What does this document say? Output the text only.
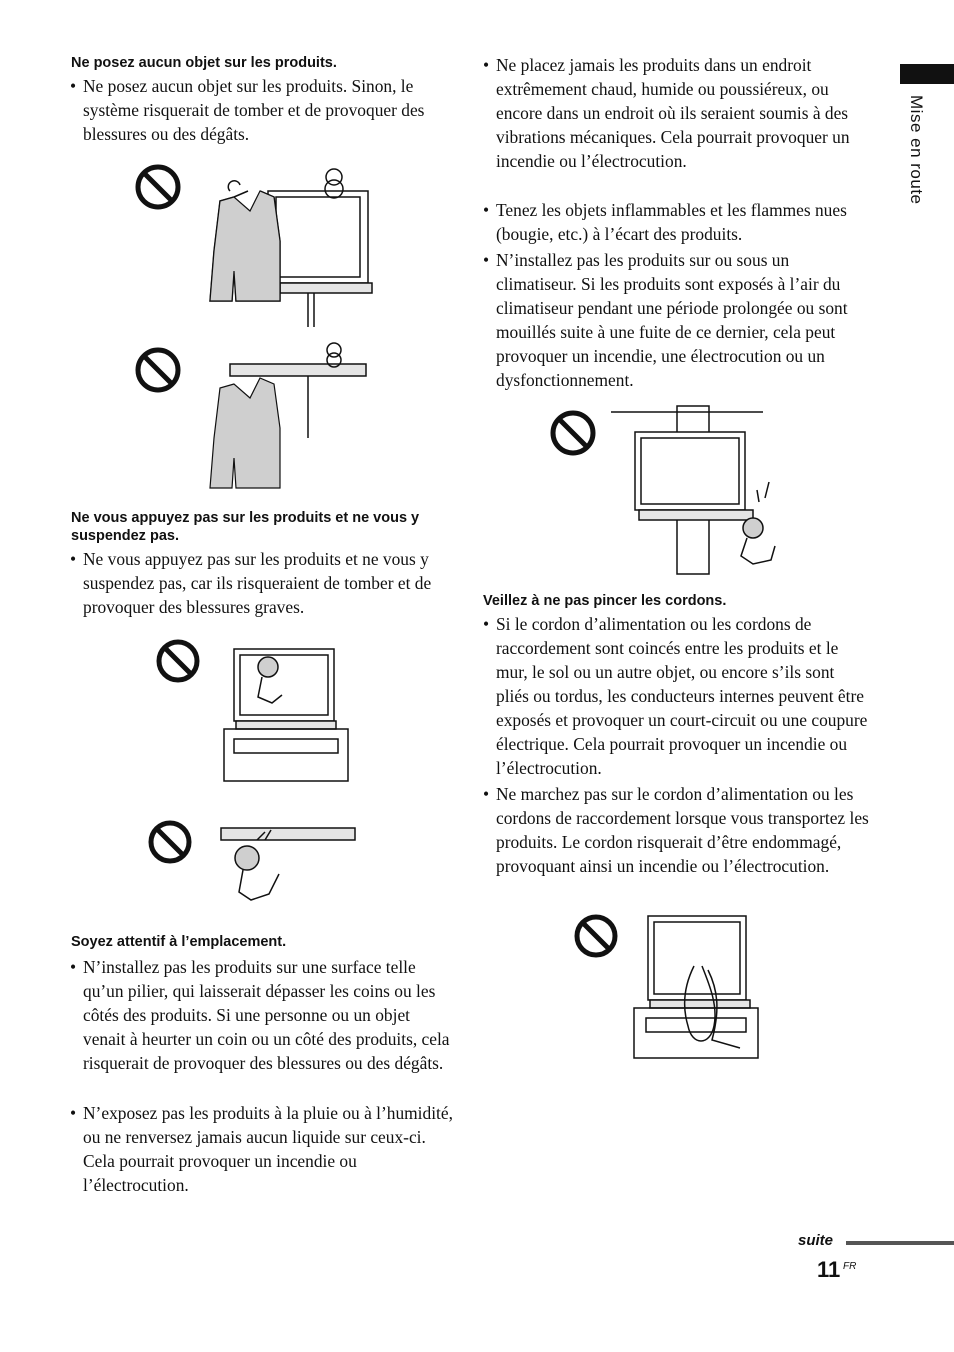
Mise en route

Ne posez aucun objet sur les produits.

• Ne posez aucun objet sur les produits. Sinon, le système risquerait de tomber et de provoquer des blessures ou des dégâts.

Ne vous appuyez pas sur les produits et ne vous y suspendez pas.

• Ne vous appuyez pas sur les produits et ne vous y suspendez pas, car ils risqueraient de tomber et de provoquer des blessures graves.

Soyez attentif à l’emplacement.

• N’installez pas les produits sur une surface telle qu’un pilier, qui laisserait dépasser les coins ou les côtés des produits. Si une personne ou un objet venait à heurter un coin ou un côté des produits, cela risquerait de provoquer des blessures ou des dégâts.

• N’exposez pas les produits à la pluie ou à l’humidité, ou ne renversez jamais aucun liquide sur ceux-ci. Cela pourrait provoquer un incendie ou l’électrocution.

• Ne placez jamais les produits dans un endroit extrêmement chaud, humide ou poussiéreux, ou encore dans un endroit où ils seraient soumis à des vibrations mécaniques. Cela pourrait provoquer un incendie ou l’électrocution.

• Tenez les objets inflammables et les flammes nues (bougie, etc.) à l’écart des produits.

• N’installez pas les produits sur ou sous un climatiseur. Si les produits sont exposés à l’air du climatiseur pendant une période prolongée ou sont mouillés suite à une fuite de ce dernier, cela peut provoquer un incendie, une électrocution ou un dysfonctionnement.

Veillez à ne pas pincer les cordons.

• Si le cordon d’alimentation ou les cordons de raccordement sont coincés entre les produits et le mur, le sol ou un autre objet, ou encore s’ils sont pliés ou tordus, les conducteurs internes peuvent être exposés et provoquer un court-circuit ou une coupure électrique. Cela pourrait provoquer un incendie ou l’électrocution.

• Ne marchez pas sur le cordon d’alimentation ou les cordons de raccordement lorsque vous transportez les produits. Le cordon risquerait d’être endommagé, provoquant ainsi un incendie ou l’électrocution.

suite
11 FR
